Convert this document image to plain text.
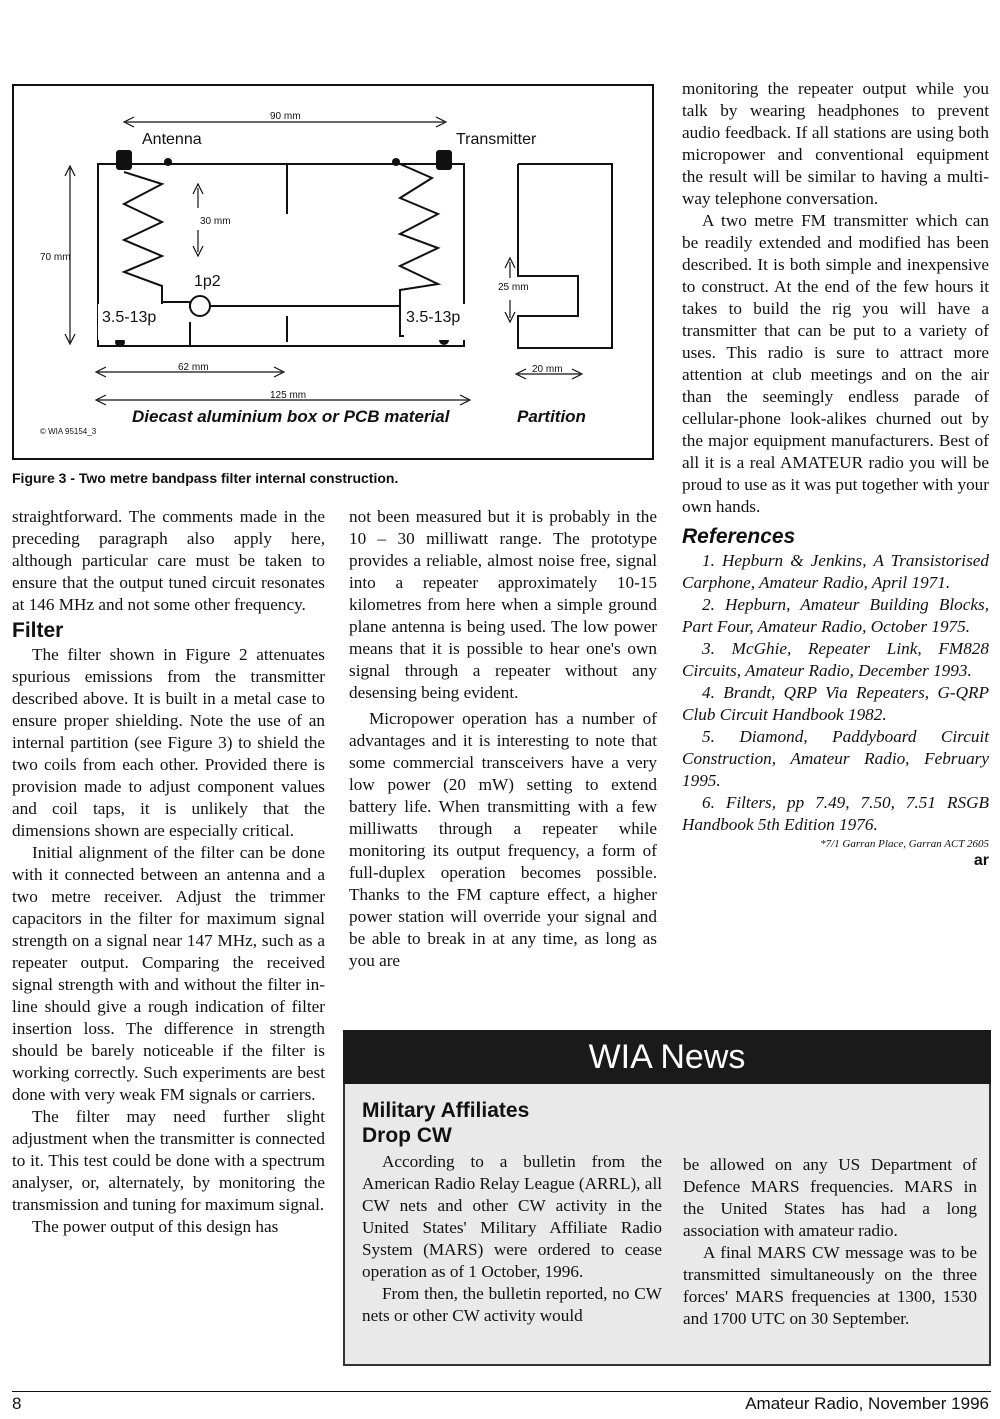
90 mm
Antenna	Transmitter
70 mm
30 mm
1p2
3.5-13p	3.5-13p
25 mm
20 mm
62 mm
125 mm
Diecast aluminium box or PCB material	Partition
© WIA 95154_3
Figure 3 - Two metre bandpass filter internal construction.

straightforward. The comments made in the preceding paragraph also apply here, although particular care must be taken to ensure that the output tuned circuit resonates at 146 MHz and not some other frequency.

Filter

The filter shown in Figure 2 attenuates spurious emissions from the transmitter described above. It is built in a metal case to ensure proper shielding. Note the use of an internal partition (see Figure 3) to shield the two coils from each other. Provided there is provision made to adjust component values and coil taps, it is unlikely that the dimensions shown are especially critical.

Initial alignment of the filter can be done with it connected between an antenna and a two metre receiver. Adjust the trimmer capacitors in the filter for maximum signal strength on a signal near 147 MHz, such as a repeater output. Comparing the received signal strength with and without the filter in-line should give a rough indication of filter insertion loss. The difference in strength should be barely noticeable if the filter is working correctly. Such experiments are best done with very weak FM signals or carriers.

The filter may need further slight adjustment when the transmitter is connected to it. This test could be done with a spectrum analyser, or, alternately, by monitoring the transmission and tuning for maximum signal.

The power output of this design has

not been measured but it is probably in the 10 – 30 milliwatt range. The prototype provides a reliable, almost noise free, signal into a repeater approximately 10-15 kilometres from here when a simple ground plane antenna is being used. The low power means that it is possible to hear one's own signal through a repeater without any desensing being evident.

Micropower operation has a number of advantages and it is interesting to note that some commercial transceivers have a very low power (20 mW) setting to extend battery life. When transmitting with a few milliwatts through a repeater while monitoring its output frequency, a form of full-duplex operation becomes possible. Thanks to the FM capture effect, a higher power station will override your signal and be able to break in at any time, as long as you are

monitoring the repeater output while you talk by wearing headphones to prevent audio feedback. If all stations are using both micropower and conventional equipment the result will be similar to having a multi-way telephone conversation.

A two metre FM transmitter which can be readily extended and modified has been described. It is both simple and inexpensive to construct. At the end of the few hours it takes to build the rig you will have a transmitter that can be put to a variety of uses. This radio is sure to attract more attention at club meetings and on the air than the seemingly endless parade of cellular-phone look-alikes churned out by the major equipment manufacturers. Best of all it is a real AMATEUR radio you will be proud to use as it was put together with your own hands.

References

1. Hepburn & Jenkins, A Transistorised Carphone, Amateur Radio, April 1971.

2. Hepburn, Amateur Building Blocks, Part Four, Amateur Radio, October 1975.

3. McGhie, Repeater Link, FM828 Circuits, Amateur Radio, December 1993.

4. Brandt, QRP Via Repeaters, G-QRP Club Circuit Handbook 1982.

5. Diamond, Paddyboard Circuit Construction, Amateur Radio, February 1995.

6. Filters, pp 7.49, 7.50, 7.51 RSGB Handbook 5th Edition 1976.

*7/1 Garran Place, Garran ACT 2605

ar

WIA News
Military Affiliates
Drop CW

According to a bulletin from the American Radio Relay League (ARRL), all CW nets and other CW activity in the United States' Military Affiliate Radio System (MARS) were ordered to cease operation as of 1 October, 1996.

From then, the bulletin reported, no CW nets or other CW activity would

be allowed on any US Department of Defence MARS frequencies. MARS in the United States has had a long association with amateur radio.

A final MARS CW message was to be transmitted simultaneously on the three forces' MARS frequencies at 1300, 1530 and 1700 UTC on 30 September.

8	Amateur Radio, November 1996
